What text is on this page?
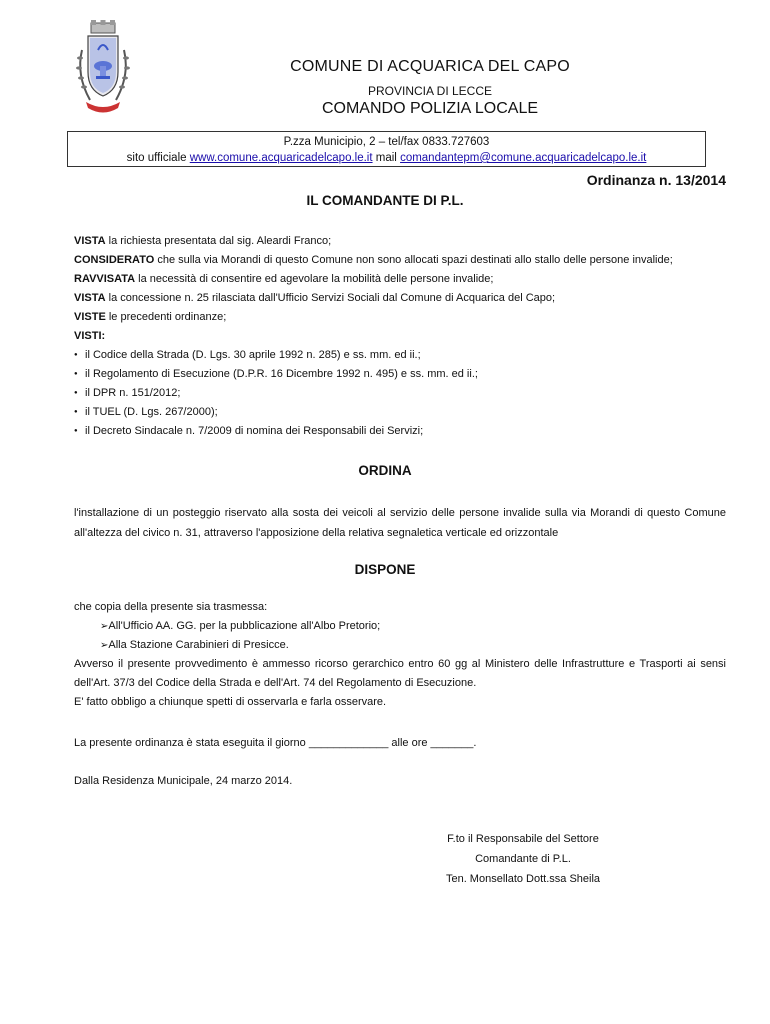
COMUNE DI ACQUARICA DEL CAPO
PROVINCIA DI LECCE
COMANDO POLIZIA LOCALE
P.zza Municipio, 2 – tel/fax 0833.727603
sito ufficiale www.comune.acquaricadelcapo.le.it mail comandantepm@comune.acquaricadelcapo.le.it
Ordinanza n. 13/2014
IL COMANDANTE DI P.L.

VISTA la richiesta presentata dal sig. Aleardi Franco;

CONSIDERATO che sulla via Morandi di questo Comune non sono allocati spazi destinati allo stallo delle persone invalide;

RAVVISATA la necessità di consentire ed agevolare la mobilità delle persone invalide;

VISTA la concessione n. 25 rilasciata dall'Ufficio Servizi Sociali dal Comune di Acquarica del Capo;

VISTE le precedenti ordinanze;

VISTI:

● il Codice della Strada (D. Lgs. 30 aprile 1992 n. 285) e ss. mm. ed ii.;
● il Regolamento di Esecuzione (D.P.R. 16 Dicembre 1992 n. 495) e ss. mm. ed ii.;
● il DPR n. 151/2012;
● il TUEL (D. Lgs. 267/2000);
● il Decreto Sindacale n. 7/2009 di nomina dei Responsabili dei Servizi;
ORDINA
l'installazione di un posteggio riservato alla sosta dei veicoli al servizio delle persone invalide sulla via Morandi di questo Comune all'altezza del civico n. 31, attraverso l'apposizione della relativa segnaletica verticale ed orizzontale
DISPONE

che copia della presente sia trasmessa:

➢ All'Ufficio AA. GG. per la pubblicazione all'Albo Pretorio;
➢ Alla Stazione Carabinieri di Presicce.

Avverso il presente provvedimento è ammesso ricorso gerarchico entro 60 gg al Ministero delle Infrastrutture e Trasporti ai sensi dell'Art. 37/3 del Codice della Strada e dell'Art. 74 del Regolamento di Esecuzione.

E' fatto obbligo a chiunque spetti di osservarla e farla osservare.

La presente ordinanza è stata eseguita il giorno _____________ alle ore _______.
Dalla Residenza Municipale, 24 marzo 2014.
F.to il Responsabile del Settore
Comandante di P.L.
Ten. Monsellato Dott.ssa Sheila
